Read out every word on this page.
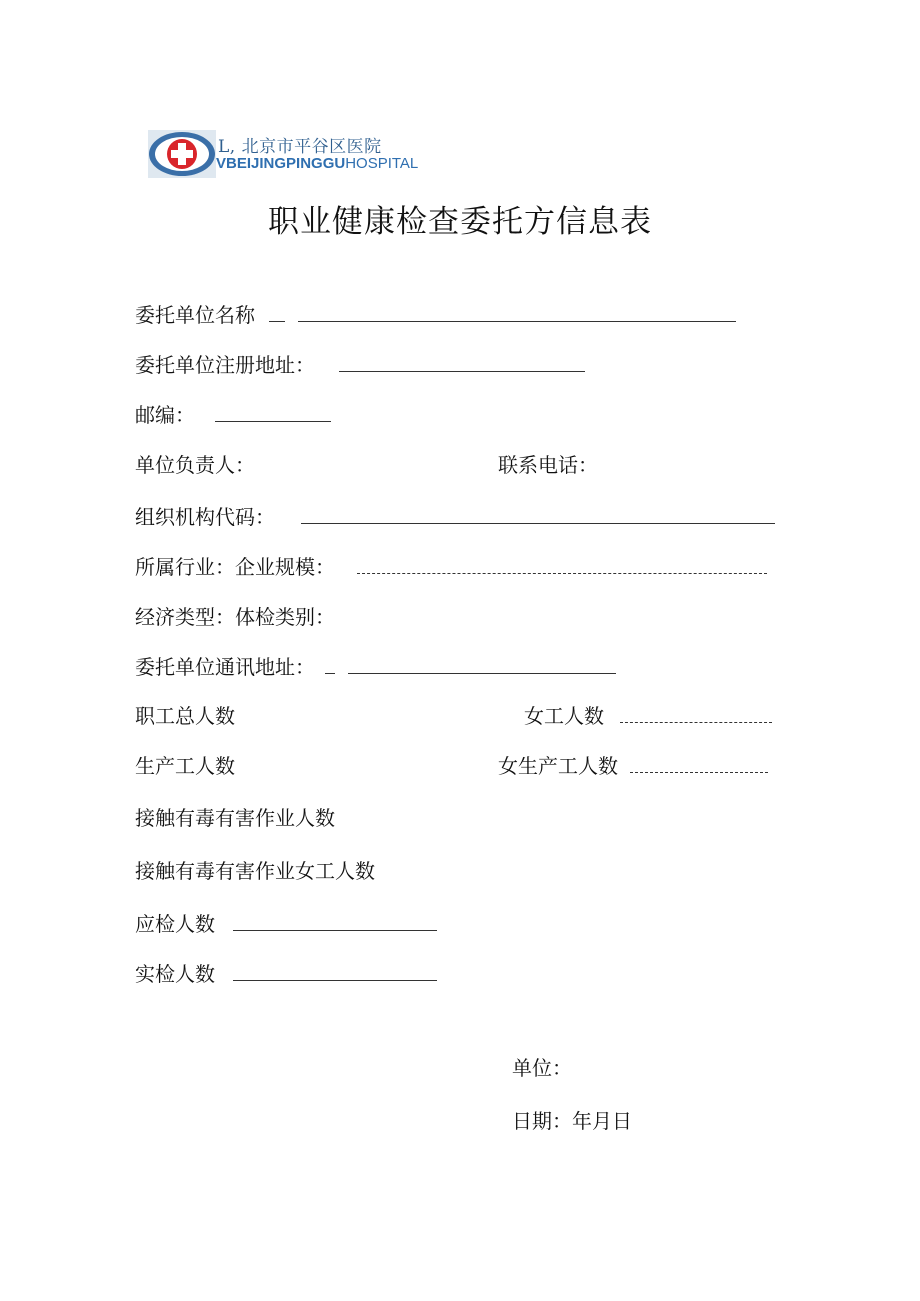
L, 北京市平谷区医院
VBEIJINGPINGGUHOSPITAL
职业健康检查委托方信息表
委托单位名称
委托单位注册地址：
邮编：
单位负责人：	联系电话：
组织机构代码：
所属行业：企业规模：
经济类型：体检类别：
委托单位通讯地址：
职工总人数	女工人数
生产工人数	女生产工人数
接触有毒有害作业人数
接触有毒有害作业女工人数
应检人数
实检人数
单位：
日期：年月日
